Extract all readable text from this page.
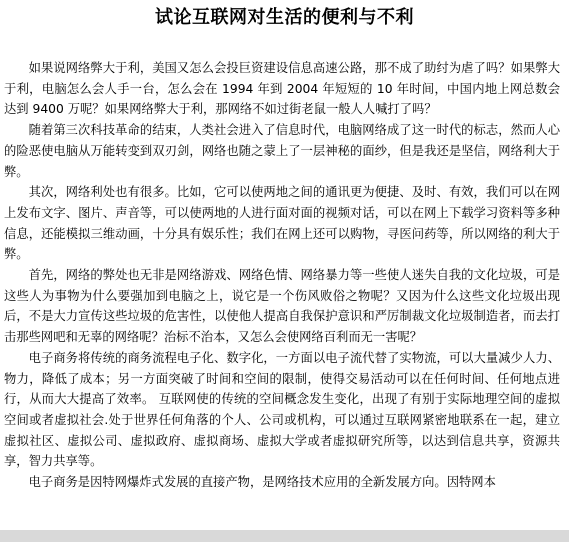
试论互联网对生活的便利与不利

如果说网络弊大于利，美国又怎么会投巨资建设信息高速公路，那不成了助纣为虐了吗？如果弊大于利，电脑怎么会人手一台，怎么会在 1994 年到 2004 年短短的 10 年时间，中国内地上网总数会达到 9400 万呢？如果网络弊大于利，那网络不如过街老鼠一般人人喊打了吗？

随着第三次科技革命的结束，人类社会进入了信息时代，电脑网络成了这一时代的标志，然而人心的险恶使电脑从万能转变到双刃剑，网络也随之蒙上了一层神秘的面纱，但是我还是坚信，网络利大于弊。

其次，网络利处也有很多。比如，它可以使两地之间的通讯更为便捷、及时、有效，我们可以在网上发布文字、图片、声音等，可以使两地的人进行面对面的视频对话，可以在网上下载学习资料等多种信息，还能模拟三维动画，十分具有娱乐性；我们在网上还可以购物，寻医问药等，所以网络的利大于弊。

首先，网络的弊处也无非是网络游戏、网络色情、网络暴力等一些使人迷失自我的文化垃圾，可是这些人为事物为什么要强加到电脑之上，说它是一个伤风败俗之物呢？又因为什么这些文化垃圾出现后，不是大力宣传这些垃圾的危害性，以使他人提高自我保护意识和严厉制裁文化垃圾制造者，而去打击那些网吧和无辜的网络呢？治标不治本，又怎么会使网络百利而无一害呢？

电子商务将传统的商务流程电子化、数字化，一方面以电子流代替了实物流，可以大量减少人力、物力，降低了成本；另一方面突破了时间和空间的限制，使得交易活动可以在任何时间、任何地点进行，从而大大提高了效率。 互联网使的传统的空间概念发生变化，出现了有别于实际地理空间的虚拟空间或者虚拟社会.处于世界任何角落的个人、公司或机构，可以通过互联网紧密地联系在一起，建立虚拟社区、虚拟公司、虚拟政府、虚拟商场、虚拟大学或者虚拟研究所等，以达到信息共享，资源共享，智力共享等。

电子商务是因特网爆炸式发展的直接产物，是网络技术应用的全新发展方向。因特网本
